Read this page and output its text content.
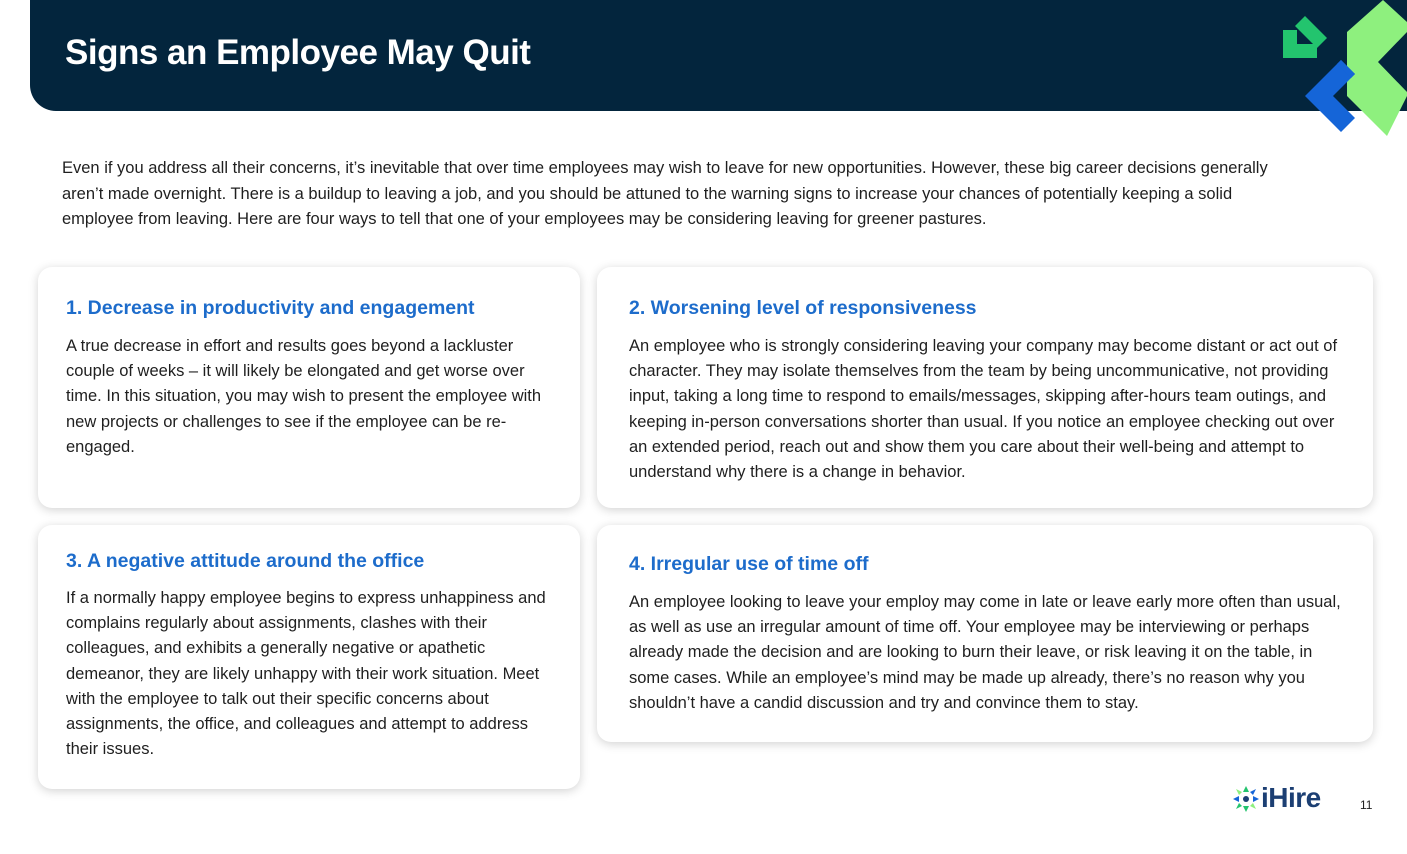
Signs an Employee May Quit

Even if you address all their concerns, it’s inevitable that over time employees may wish to leave for new opportunities. However, these big career decisions generally aren’t made overnight. There is a buildup to leaving a job, and you should be attuned to the warning signs to increase your chances of potentially keeping a solid employee from leaving. Here are four ways to tell that one of your employees may be considering leaving for greener pastures.

1. Decrease in productivity and engagement

A true decrease in effort and results goes beyond a lackluster couple of weeks – it will likely be elongated and get worse over time. In this situation, you may wish to present the employee with new projects or challenges to see if the employee can be re-engaged.

2. Worsening level of responsiveness

An employee who is strongly considering leaving your company may become distant or act out of character. They may isolate themselves from the team by being uncommunicative, not providing input, taking a long time to respond to emails/messages, skipping after-hours team outings, and keeping in-person conversations shorter than usual. If you notice an employee checking out over an extended period, reach out and show them you care about their well-being and attempt to understand why there is a change in behavior.

3. A negative attitude around the office

If a normally happy employee begins to express unhappiness and complains regularly about assignments, clashes with their colleagues, and exhibits a generally negative or apathetic demeanor, they are likely unhappy with their work situation. Meet with the employee to talk out their specific concerns about assignments, the office, and colleagues and attempt to address their issues.

4. Irregular use of time off

An employee looking to leave your employ may come in late or leave early more often than usual, as well as use an irregular amount of time off. Your employee may be interviewing or perhaps already made the decision and are looking to burn their leave, or risk leaving it on the table, in some cases. While an employee’s mind may be made up already, there’s no reason why you shouldn’t have a candid discussion and try and convince them to stay.

iHire	11
